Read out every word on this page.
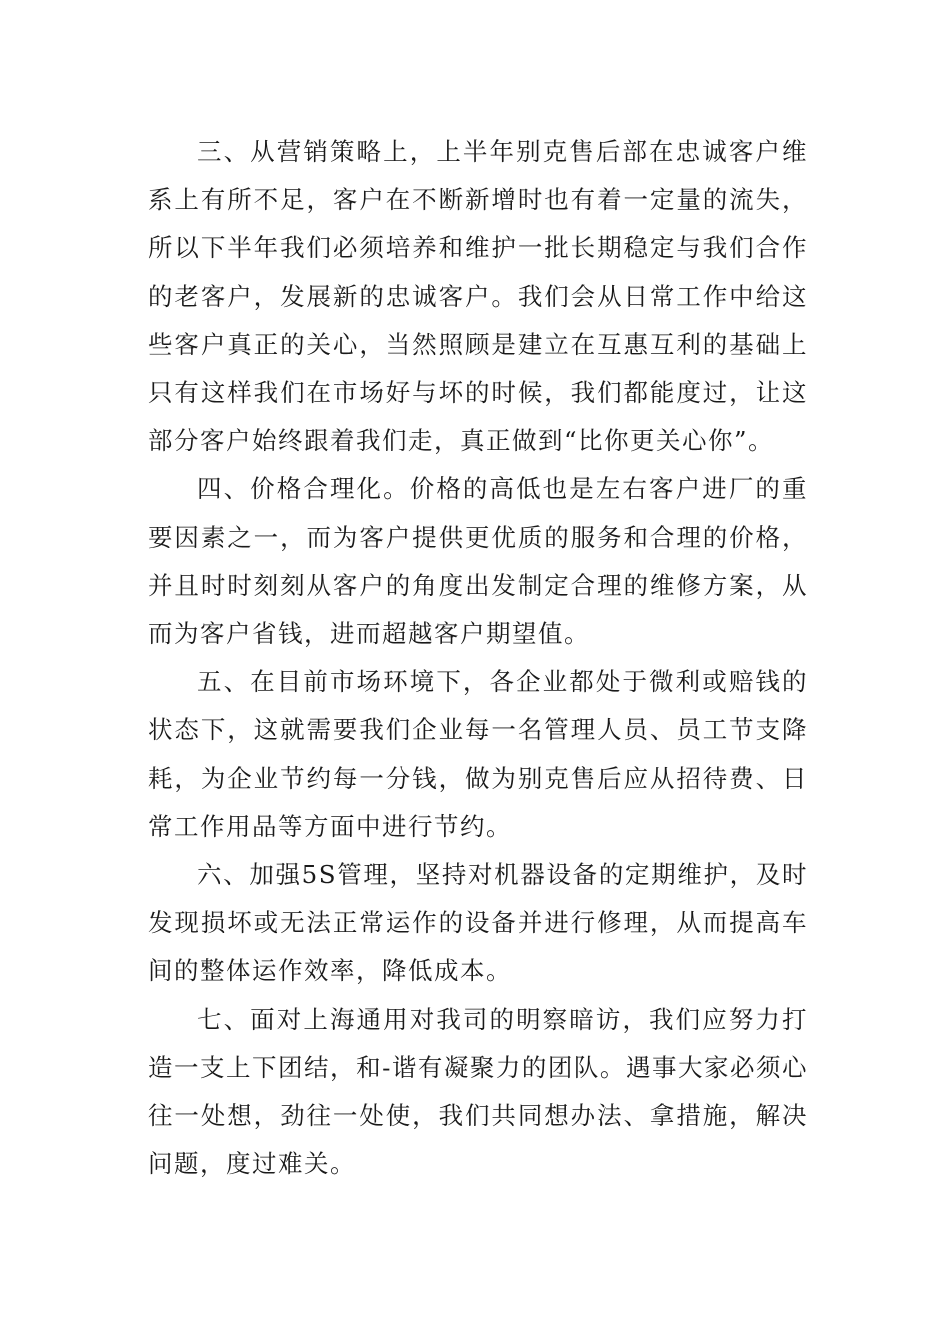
三、从营销策略上，上半年别克售后部在忠诚客户维系上有所不足，客户在不断新增时也有着一定量的流失，所以下半年我们必须培养和维护一批长期稳定与我们合作的老客户，发展新的忠诚客户。我们会从日常工作中给这些客户真正的关心，当然照顾是建立在互惠互利的基础上只有这样我们在市场好与坏的时候，我们都能度过，让这部分客户始终跟着我们走，真正做到“比你更关心你”。

四、价格合理化。价格的高低也是左右客户进厂的重要因素之一，而为客户提供更优质的服务和合理的价格，并且时时刻刻从客户的角度出发制定合理的维修方案，从而为客户省钱，进而超越客户期望值。

五、在目前市场环境下，各企业都处于微利或赔钱的状态下，这就需要我们企业每一名管理人员、员工节支降耗，为企业节约每一分钱，做为别克售后应从招待费、日常工作用品等方面中进行节约。

六、加强5S管理，坚持对机器设备的定期维护，及时发现损坏或无法正常运作的设备并进行修理，从而提高车间的整体运作效率，降低成本。

七、面对上海通用对我司的明察暗访，我们应努力打造一支上下团结，和-谐有凝聚力的团队。遇事大家必须心往一处想，劲往一处使，我们共同想办法、拿措施，解决问题，度过难关。
